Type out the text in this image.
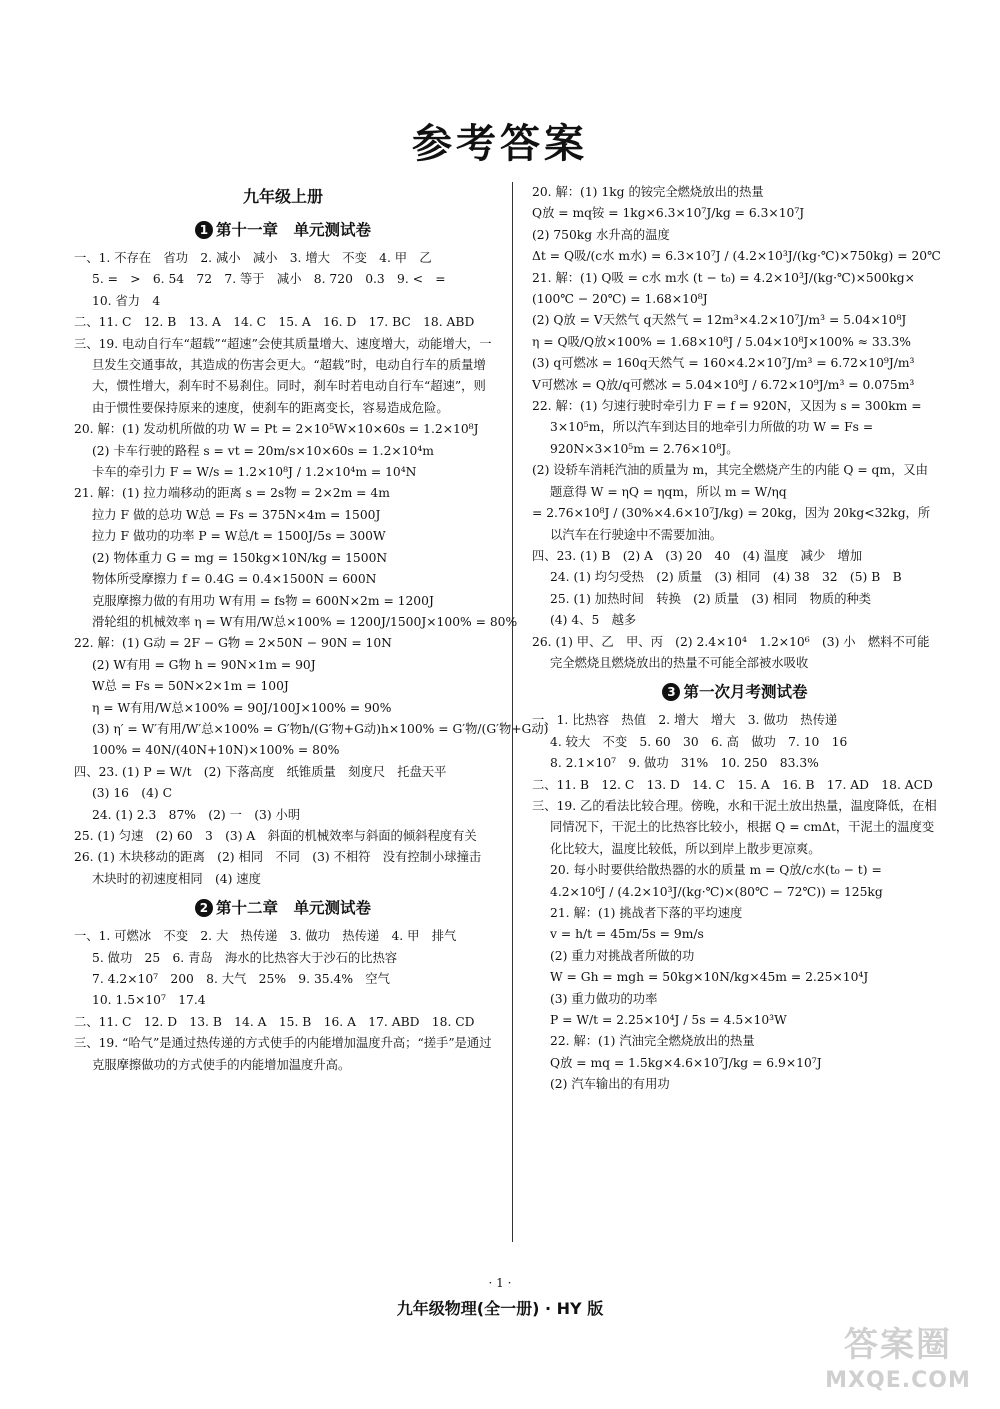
参考答案
九年级上册
1 第十一章　单元测试卷
一、1. 不存在　省功　2. 减小　减小　3. 增大　不变　4. 甲　乙
5. =　>　6. 54　72　7. 等于　减小　8. 720　0.3　9. <　=
10. 省力　4
二、11. C　12. B　13. A　14. C　15. A　16. D　17. BC　18. ABD
三、19. 电动自行车“超载”“超速”会使其质量增大、速度增大，动能增大，一旦发生交通事故，其造成的伤害会更大。“超载”时，电动自行车的质量增大，惯性增大，刹车时不易刹住。同时，刹车时若电动自行车“超速”，则由于惯性要保持原来的速度，使刹车的距离变长，容易造成危险。
20. 解：(1) 发动机所做的功 W = Pt = 2×10⁵W×10×60s = 1.2×10⁸J
(2) 卡车行驶的路程 s = vt = 20m/s×10×60s = 1.2×10⁴m
卡车的牵引力 F = W/s = 1.2×10⁸J / 1.2×10⁴m = 10⁴N
21. 解：(1) 拉力端移动的距离 s = 2s物 = 2×2m = 4m
拉力 F 做的总功 W总 = Fs = 375N×4m = 1500J
拉力 F 做功的功率 P = W总/t = 1500J/5s = 300W
(2) 物体重力 G = mg = 150kg×10N/kg = 1500N
物体所受摩擦力 f = 0.4G = 0.4×1500N = 600N
克服摩擦力做的有用功 W有用 = fs物 = 600N×2m = 1200J
滑轮组的机械效率 η = W有用/W总×100% = 1200J/1500J×100% = 80%
22. 解：(1) G动 = 2F − G物 = 2×50N − 90N = 10N
(2) W有用 = G物 h = 90N×1m = 90J
W总 = Fs = 50N×2×1m = 100J
η = W有用/W总×100% = 90J/100J×100% = 90%
(3) η′ = W′有用/W′总×100% = G′物h/(G′物+G动)h×100% = G′物/(G′物+G动)
100% = 40N/(40N+10N)×100% = 80%
四、23. (1) P = W/t　(2) 下落高度　纸锥质量　刻度尺　托盘天平
(3) 16　(4) C
24. (1) 2.3　87%　(2) 一　(3) 小明
25. (1) 匀速　(2) 60　3　(3) A　斜面的机械效率与斜面的倾斜程度有关
26. (1) 木块移动的距离　(2) 相同　不同　(3) 不相符　没有控制小球撞击木块时的初速度相同　(4) 速度
2 第十二章　单元测试卷
一、1. 可燃冰　不变　2. 大　热传递　3. 做功　热传递　4. 甲　排气
5. 做功　25　6. 青岛　海水的比热容大于沙石的比热容
7. 4.2×10⁷　200　8. 大气　25%　9. 35.4%　空气
10. 1.5×10⁷　17.4
二、11. C　12. D　13. B　14. A　15. B　16. A　17. ABD　18. CD
三、19. “哈气”是通过热传递的方式使手的内能增加温度升高；“搓手”是通过克服摩擦做功的方式使手的内能增加温度升高。
20. 解：(1) 1kg 的铵完全燃烧放出的热量
Q放 = mq铵 = 1kg×6.3×10⁷J/kg = 6.3×10⁷J
(2) 750kg 水升高的温度
Δt = Q吸/(c水 m水) = 6.3×10⁷J / (4.2×10³J/(kg·℃)×750kg) = 20℃
21. 解：(1) Q吸 = c水 m水 (t − t₀) = 4.2×10³J/(kg·℃)×500kg×
(100℃ − 20℃) = 1.68×10⁸J
(2) Q放 = V天然气 q天然气 = 12m³×4.2×10⁷J/m³ = 5.04×10⁸J
η = Q吸/Q放×100% = 1.68×10⁸J / 5.04×10⁸J×100% ≈ 33.3%
(3) q可燃冰 = 160q天然气 = 160×4.2×10⁷J/m³ = 6.72×10⁹J/m³
V可燃冰 = Q放/q可燃冰 = 5.04×10⁸J / 6.72×10⁹J/m³ = 0.075m³
22. 解：(1) 匀速行驶时牵引力 F = f = 920N，又因为 s = 300km = 3×10⁵m，所以汽车到达目的地牵引力所做的功 W = Fs = 920N×3×10⁵m = 2.76×10⁸J。
(2) 设轿车消耗汽油的质量为 m，其完全燃烧产生的内能 Q = qm，又由题意得 W = ηQ = ηqm，所以 m = W/ηq
= 2.76×10⁸J / (30%×4.6×10⁷J/kg) = 20kg，因为 20kg<32kg，所以汽车在行驶途中不需要加油。
四、23. (1) B　(2) A　(3) 20　40　(4) 温度　减少　增加
24. (1) 均匀受热　(2) 质量　(3) 相同　(4) 38　32　(5) B　B
25. (1) 加热时间　转换　(2) 质量　(3) 相同　物质的种类
(4) 4、5　越多
26. (1) 甲、乙　甲、丙　(2) 2.4×10⁴　1.2×10⁶　(3) 小　燃料不可能完全燃烧且燃烧放出的热量不可能全部被水吸收
3 第一次月考测试卷
一、1. 比热容　热值　2. 增大　增大　3. 做功　热传递
4. 较大　不变　5. 60　30　6. 高　做功　7. 10　16
8. 2.1×10⁷　9. 做功　31%　10. 250　83.3%
二、11. B　12. C　13. D　14. C　15. A　16. B　17. AD　18. ACD
三、19. 乙的看法比较合理。傍晚，水和干泥土放出热量，温度降低，在相同情况下，干泥土的比热容比较小，根据 Q = cmΔt，干泥土的温度变化比较大，温度比较低，所以到岸上散步更凉爽。
20. 每小时要供给散热器的水的质量 m = Q放/c水(t₀ − t) =
4.2×10⁶J / (4.2×10³J/(kg·℃)×(80℃ − 72℃)) = 125kg
21. 解：(1) 挑战者下落的平均速度
v = h/t = 45m/5s = 9m/s
(2) 重力对挑战者所做的功
W = Gh = mgh = 50kg×10N/kg×45m = 2.25×10⁴J
(3) 重力做功的功率
P = W/t = 2.25×10⁴J / 5s = 4.5×10³W
22. 解：(1) 汽油完全燃烧放出的热量
Q放 = mq = 1.5kg×4.6×10⁷J/kg = 6.9×10⁷J
(2) 汽车输出的有用功
· 1 ·
九年级物理(全一册) · HY 版
答案圈
MXQE.COM
